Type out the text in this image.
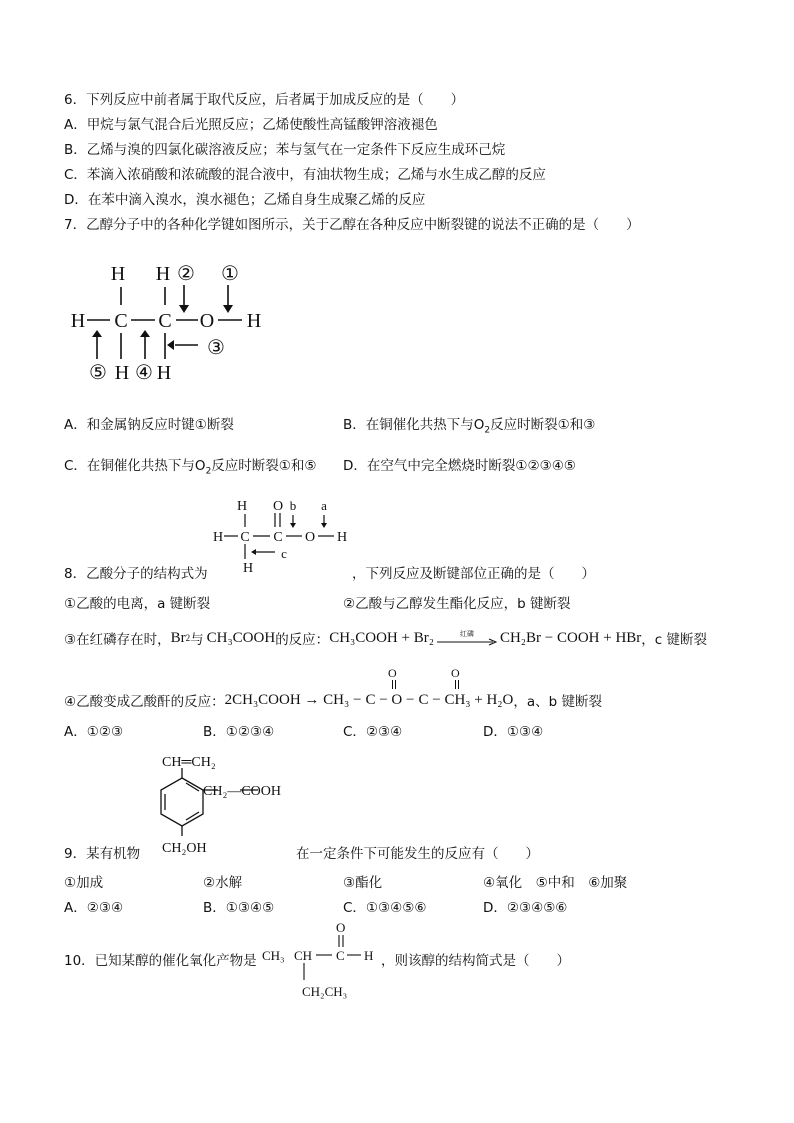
6．下列反应中前者属于取代反应，后者属于加成反应的是（　　）
A．甲烷与氯气混合后光照反应；乙烯使酸性高锰酸钾溶液褪色
B．乙烯与溴的四氯化碳溶液反应；苯与氢气在一定条件下反应生成环己烷
C．苯滴入浓硝酸和浓硫酸的混合液中，有油状物生成；乙烯与水生成乙醇的反应
D．在苯中滴入溴水，溴水褪色；乙烯自身生成聚乙烯的反应
7．乙醇分子中的各种化学键如图所示，关于乙醇在各种反应中断裂键的说法不正确的是（　　）
H H
H C C O H
H H
①
②
③
④
⑤
A．和金属钠反应时键①断裂	B．在铜催化共热下与$O_2$反应时断裂①和③
C．在铜催化共热下与$O_2$反应时断裂①和⑤ D．在空气中完全燃烧时断裂①②③④⑤
H
H C C
O
O H
H
a
b
c
8．乙酸分子的结构式为	，下列反应及断键部位正确的是（　　）
①乙酸的电离，a 键断裂	②乙酸与乙醇发生酯化反应，b 键断裂
③在红磷存在时， Br 2 与 CH₃COOH 的反应： CH₃COOH + Br₂	红磷 CH₂Br − COOH + HBr ，c 键断裂
④乙酸变成乙酸酐的反应： 2CH₃COOH → CH₃ − C − O − C − CH₃ + H₂O ，a、b 键断裂
O	O
A．①②③	B．①②③④	C．②③④	D．①③④
CH═CH₂
CH₂—COOH
CH₂OH
9．某有机物	在一定条件下可能发生的反应有（　　）
①加成	②水解	③酯化	④氧化　⑤中和　⑥加聚
A．②③④	B．①③④⑤	C．①③④⑤⑥	D．②③④⑤⑥
10．已知某醇的催化氧化产物是 CH₃ CH C H
O
CH₂CH₃
，则该醇的结构简式是（　　）
